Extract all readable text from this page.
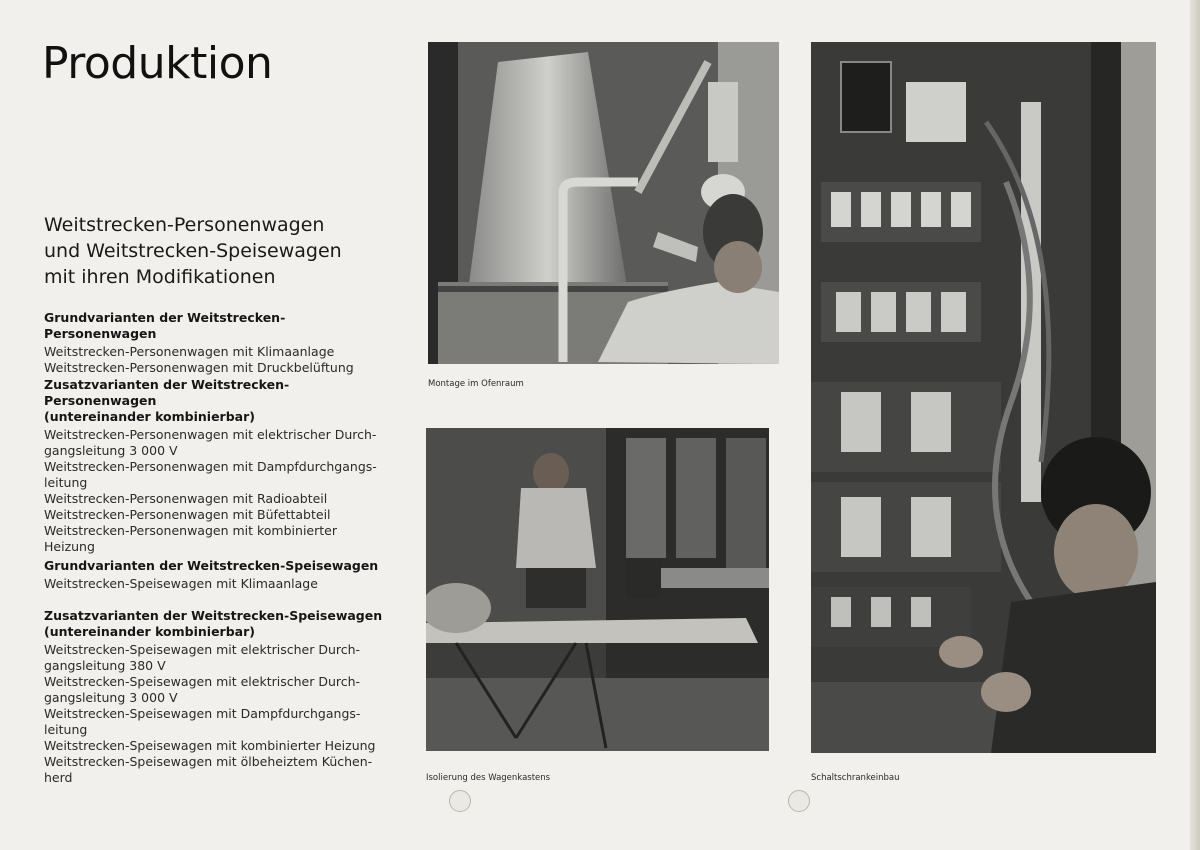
Produktion
Weitstrecken-Personenwagen
und Weitstrecken-Speisewagen
mit ihren Modifikationen
Grundvarianten der Weitstrecken-Personenwagen
Weitstrecken-Personenwagen mit Klimaanlage
Weitstrecken-Personenwagen mit Druckbelüftung
Zusatzvarianten der Weitstrecken-Personenwagen
(untereinander kombinierbar)
Weitstrecken-Personenwagen mit elektrischer Durch-
gangsleitung 3 000 V
Weitstrecken-Personenwagen mit Dampfdurchgangs-
leitung
Weitstrecken-Personenwagen mit Radioabteil
Weitstrecken-Personenwagen mit Büfettabteil
Weitstrecken-Personenwagen mit kombinierter
Heizung
Grundvarianten der Weitstrecken-Speisewagen
Weitstrecken-Speisewagen mit Klimaanlage
Zusatzvarianten der Weitstrecken-Speisewagen
(untereinander kombinierbar)
Weitstrecken-Speisewagen mit elektrischer Durch-
gangsleitung 380 V
Weitstrecken-Speisewagen mit elektrischer Durch-
gangsleitung 3 000 V
Weitstrecken-Speisewagen mit Dampfdurchgangs-
leitung
Weitstrecken-Speisewagen mit kombinierter Heizung
Weitstrecken-Speisewagen mit ölbeheiztem Küchen-
herd
Montage im Ofenraum
Isolierung des Wagenkastens	Schaltschrankeinbau
